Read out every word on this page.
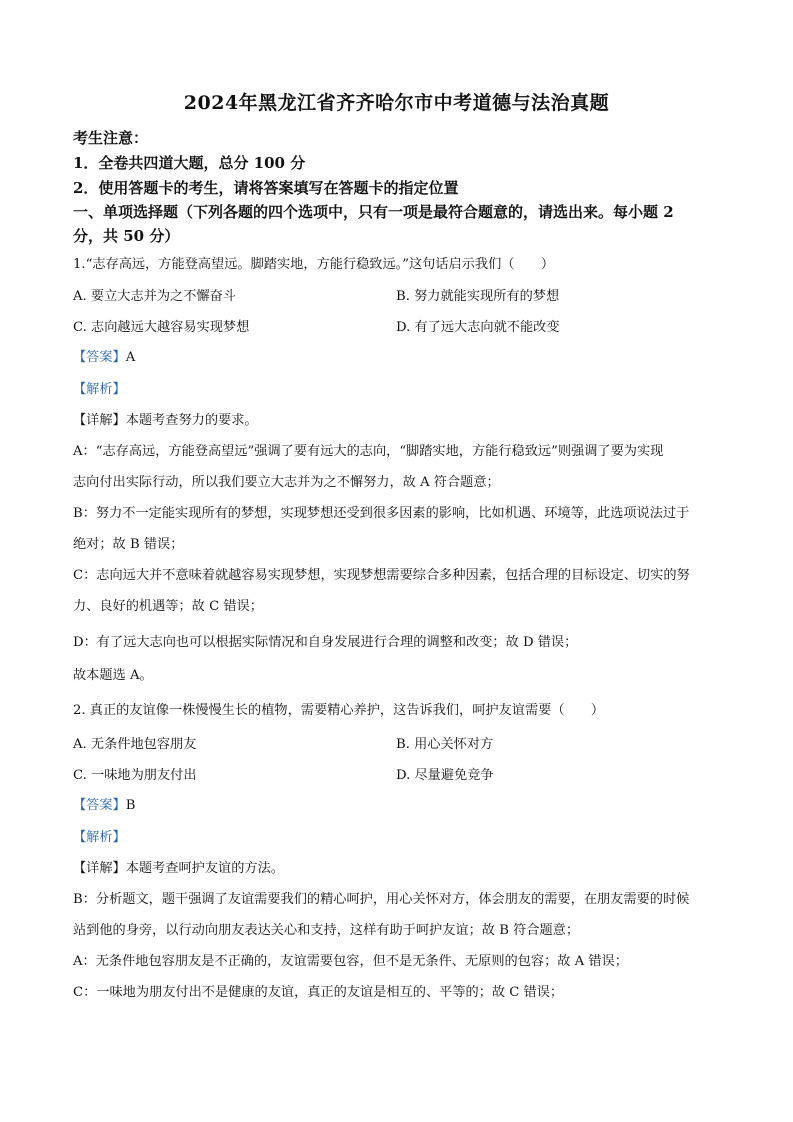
2024年黑龙江省齐齐哈尔市中考道德与法治真题
考生注意：
1．全卷共四道大题，总分 100 分
2．使用答题卡的考生，请将答案填写在答题卡的指定位置
一、单项选择题（下列各题的四个选项中，只有一项是最符合题意的，请选出来。每小题 2
分，共 50 分）
1.“志存高远，方能登高望远。脚踏实地，方能行稳致远。”这句话启示我们（　　）
A. 要立大志并为之不懈奋斗	B. 努力就能实现所有的梦想
C. 志向越远大越容易实现梦想	D. 有了远大志向就不能改变
【答案】A
【解析】
【详解】本题考查努力的要求。
A：“志存高远，方能登高望远”强调了要有远大的志向，“脚踏实地，方能行稳致远”则强调了要为实现
志向付出实际行动，所以我们要立大志并为之不懈努力，故 A 符合题意；
B：努力不一定能实现所有的梦想，实现梦想还受到很多因素的影响，比如机遇、环境等，此选项说法过于
绝对；故 B 错误；
C：志向远大并不意味着就越容易实现梦想，实现梦想需要综合多种因素，包括合理的目标设定、切实的努
力、良好的机遇等；故 C 错误；
D：有了远大志向也可以根据实际情况和自身发展进行合理的调整和改变；故 D 错误；
故本题选 A。
2. 真正的友谊像一株慢慢生长的植物，需要精心养护，这告诉我们，呵护友谊需要（　　）
A. 无条件地包容朋友	B. 用心关怀对方
C. 一味地为朋友付出	D. 尽量避免竞争
【答案】B
【解析】
【详解】本题考查呵护友谊的方法。
B：分析题文，题干强调了友谊需要我们的精心呵护，用心关怀对方，体会朋友的需要，在朋友需要的时候
站到他的身旁，以行动向朋友表达关心和支持，这样有助于呵护友谊；故 B 符合题意；
A：无条件地包容朋友是不正确的，友谊需要包容，但不是无条件、无原则的包容；故 A 错误；
C：一味地为朋友付出不是健康的友谊，真正的友谊是相互的、平等的；故 C 错误；
